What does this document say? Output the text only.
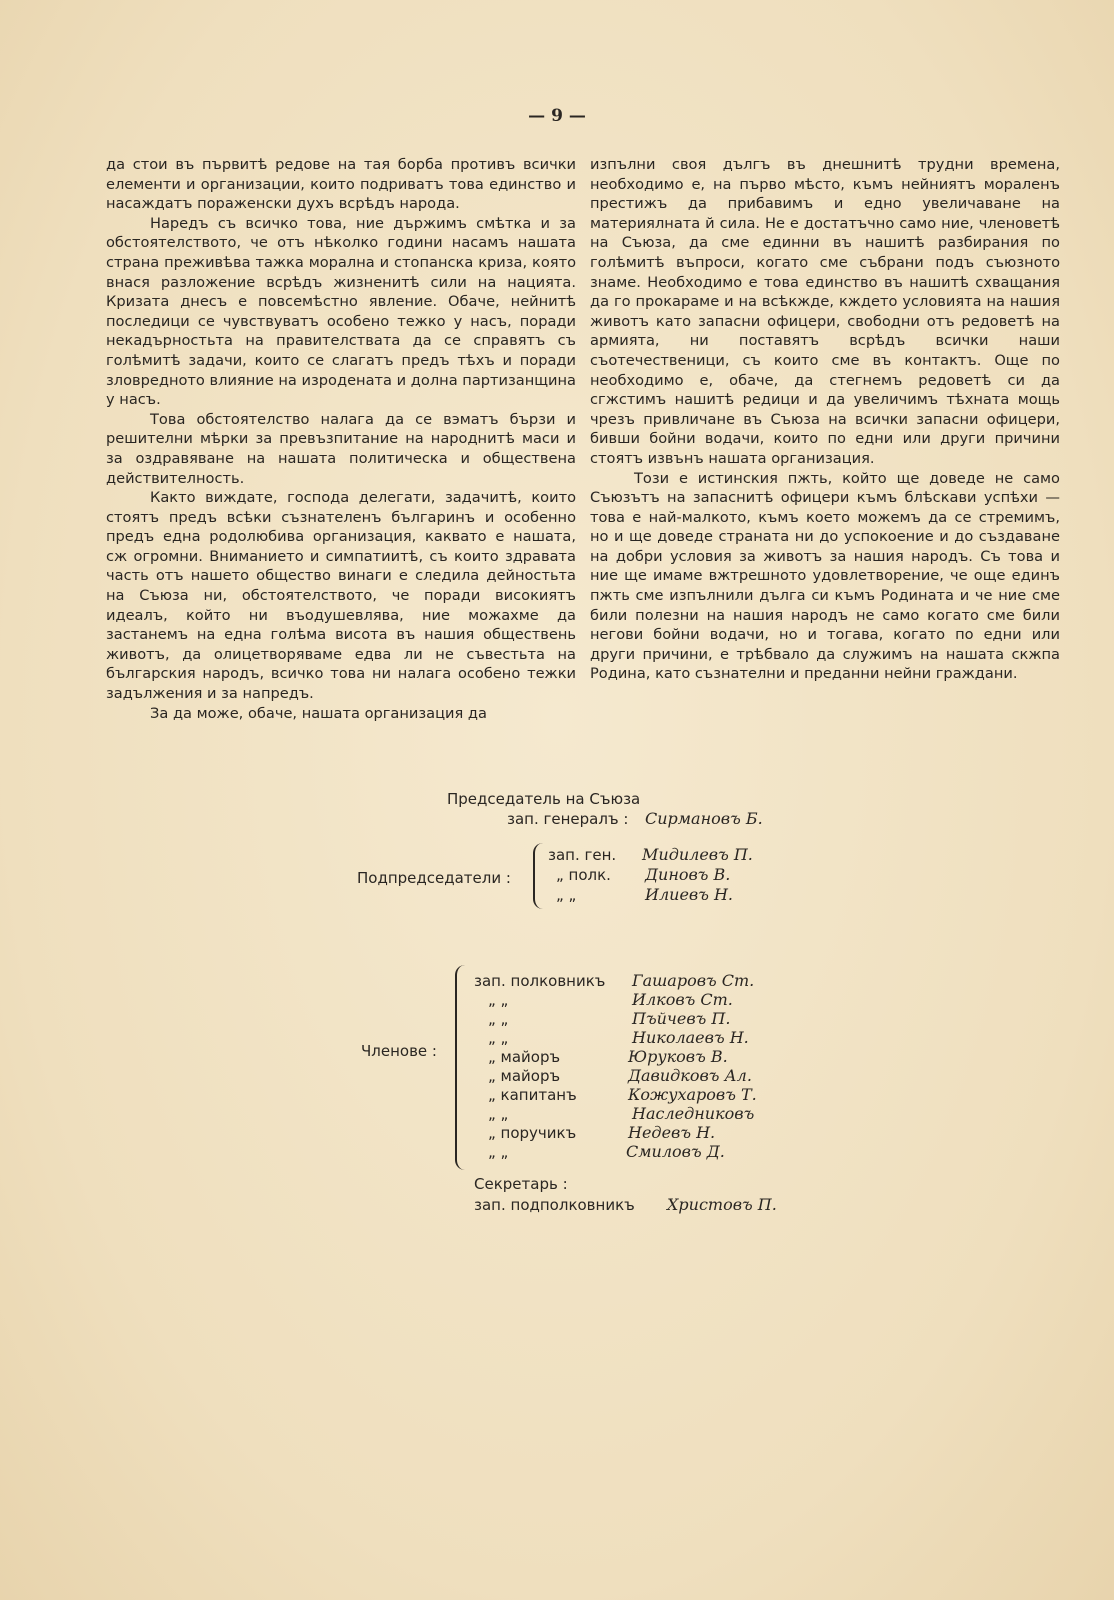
— 9 —

да стои въ първитѣ редове на тая борба противъ всички елементи и организации, които подриватъ това единство и насаждатъ пораженски духъ всрѣдъ народа.

Наредъ съ всичко това, ние държимъ смѣтка и за обстоятелството, че отъ нѣколко години насамъ нашата страна преживѣва тажка морална и стопанска криза, която внася разложение всрѣдъ жизненитѣ сили на нацията. Кризата днесъ е повсемѣстно явление. Обаче, нейнитѣ последици се чувствуватъ особено тежко у насъ, поради некадърностьта на правителствата да се справятъ съ голѣмитѣ задачи, които се слагатъ предъ тѣхъ и поради зловредното влияние на изродената и долна партизанщина у насъ.

Това обстоятелство налага да се вэматъ бързи и решителни мѣрки за превъзпитание на народнитѣ маси и за оздравяване на нашата политическа и обществена действителность.

Както виждате, господа делегати, задачитѣ, които стоятъ предъ всѣки съзнателенъ българинъ и особенно предъ една родолюбива организация, каквато е нашата, сж огромни. Вниманието и симпатиитѣ, съ които здравата часть отъ нашето общество винаги е следила дейностьта на Съюза ни, обстоятелството, че поради високиятъ идеалъ, който ни въодушевлява, ние можахме да застанемъ на една голѣма висота въ нашия обществень животъ, да олицетворяваме едва ли не съвестьта на българския народъ, всичко това ни налага особено тежки задължения и за напредъ.

За да може, обаче, нашата организация да

изпълни своя дългъ въ днешнитѣ трудни времена, необходимо е, на първо мѣсто, къмъ нейниятъ моралeнъ престижъ да прибавимъ и едно увеличаване на материялната й сила. Не е достатъчно само ние, членоветѣ на Съюза, да сме единни въ нашитѣ разбирания по голѣмитѣ въпроси, когато сме събрани подъ съюзното знаме. Необходимо е това единство въ нашитѣ схващания да го прокараме и на всѣкжде, кждето условията на нашия животъ като запасни офицери, свободни отъ редоветѣ на армията, ни поставятъ всрѣдъ всички наши съотечественици, съ които сме въ контактъ. Още по необходимо е, обаче, да стегнемъ редоветѣ си да сгжстимъ нашитѣ редици и да увеличимъ тѣхната мощь чрезъ привличане въ Съюза на всички запасни офицери, бивши бойни водачи, които по едни или други причини стоятъ извънъ нашата организация.

Този е истинския пжть, който ще доведе не само Съюзътъ на запаснитѣ офицери къмъ блѣскави успѣхи — това е най-малкото, къмъ което можемъ да се стремимъ, но и ще доведе страната ни до успокоение и до създаване на добри условия за животъ за нашия народъ. Съ това и ние ще имаме вжтрешното удовлетворение, че още единъ пжть сме изпълнили дълга си къмъ Родината и че ние сме били полезни на нашия народъ не само когато сме били негови бойни водачи, но и тогава, когато по едни или други причини, е трѣбвало да служимъ на нашата скжпа Родина, като съзнателни и преданни нейни граждани.

Председатель на Съюза
зап. генералъ : Сирмановъ Б.
Подпредседатели :
зап. ген. Мидилевъ П.
„ полк. Диновъ В.
„ „	Илиевъ Н.
Членове :
зап. полковникъ Гашаровъ Ст.
„ „	Илковъ Ст.
„ „	Пъйчевъ П.
„ „	Николаевъ Н.
„ майоръ	Юруковъ В.
„ майоръ	Давидковъ Ал.
„ капитанъ	Кожухаровъ Т.
„ „	Наследниковъ
„ поручикъ	Недевъ Н.
„ „	Смиловъ Д.
Секретарь :
зап. подполковникъ Христовъ П.
